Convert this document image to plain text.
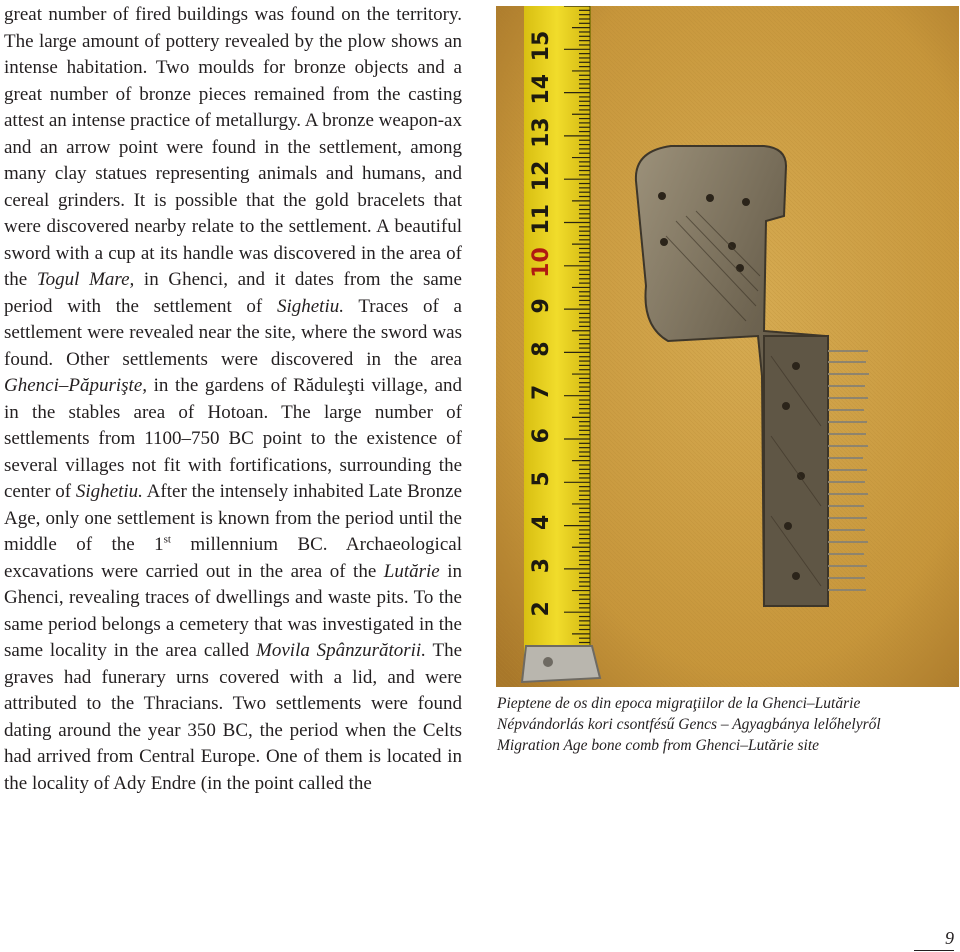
great number of fired buildings was found on the territory. The large amount of pottery revealed by the plow shows an intense habitation. Two moulds for bronze objects and a great number of bronze pieces remained from the casting attest an intense practice of metallurgy. A bronze weapon-ax and an arrow point were found in the settlement, among many clay statues representing animals and humans, and cereal grinders. It is possible that the gold bracelets that were discovered nearby relate to the settlement. A beautiful sword with a cup at its handle was discovered in the area of the Togul Mare, in Ghenci, and it dates from the same period with the settlement of Sighetiu. Traces of a settlement were revealed near the site, where the sword was found. Other settlements were discovered in the area Ghenci–Păpurişte, in the gardens of Răduleşti village, and in the stables area of Hotoan. The large number of settlements from 1100–750 BC point to the existence of several villages not fit with fortifications, surrounding the center of Sighetiu. After the intensely inhabited Late Bronze Age, only one settlement is known from the period until the middle of the 1st millennium BC. Archaeological excavations were carried out in the area of the Lutărie in Ghenci, revealing traces of dwellings and waste pits. To the same period belongs a cemetery that was investigated in the same locality in the area called Movila Spânzurătorii. The graves had funerary urns covered with a lid, and were attributed to the Thracians. Two settlements were found dating around the year 350 BC, the period when the Celts had arrived from Central Europe. One of them is located in the locality of Ady Endre (in the point called the

15
14
13
12
11
10
9
8
7
6
5
4
3
2
Pieptene de os din epoca migraţiilor de la Ghenci–Lutărie
Népvándorlás kori csontfésű Gencs – Agyagbánya lelőhelyről
Migration Age bone comb from Ghenci–Lutărie site
9
